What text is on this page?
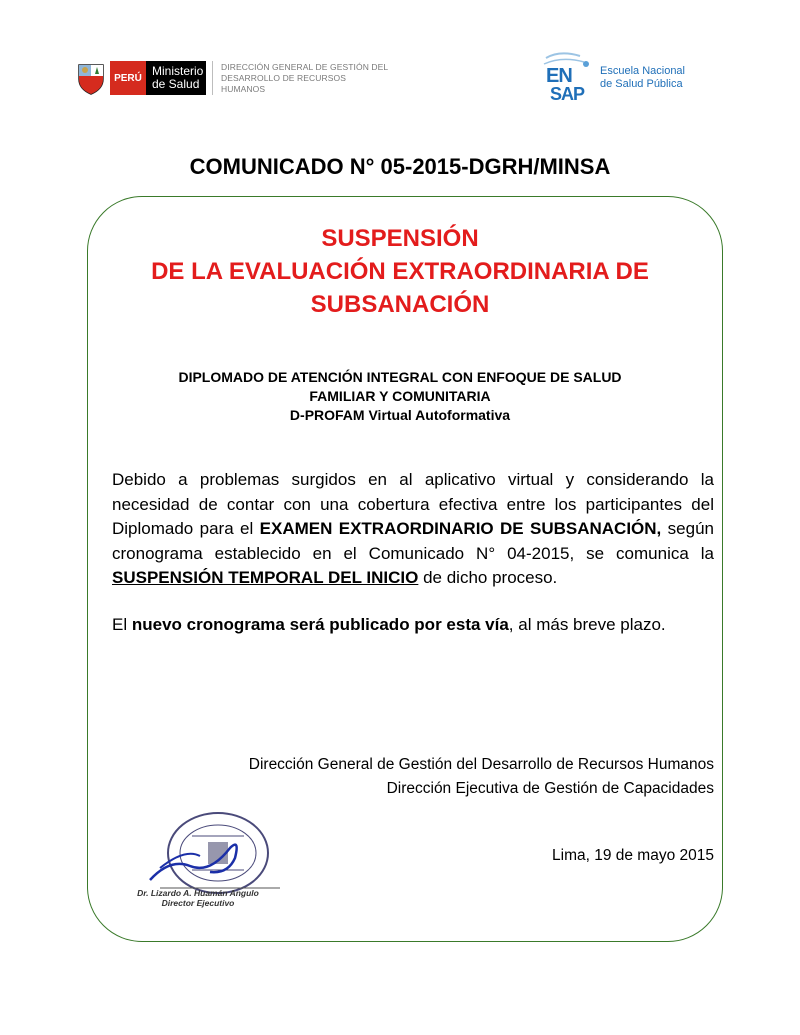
PERÚ Ministerio
de Salud
DIRECCIÓN GENERAL DE GESTIÓN DEL
DESARROLLO DE RECURSOS HUMANOS
EN
SAP
Escuela Nacional
de Salud Pública
COMUNICADO N° 05-2015-DGRH/MINSA
SUSPENSIÓN
DE LA EVALUACIÓN EXTRAORDINARIA DE
SUBSANACIÓN
DIPLOMADO DE ATENCIÓN INTEGRAL CON ENFOQUE DE SALUD
FAMILIAR Y COMUNITARIA
D-PROFAM Virtual Autoformativa

Debido a problemas surgidos en al aplicativo virtual y considerando la necesidad de contar con una cobertura efectiva entre los participantes del Diplomado para el EXAMEN EXTRAORDINARIO DE SUBSANACIÓN, según cronograma establecido en el Comunicado N° 04-2015, se comunica la SUSPENSIÓN TEMPORAL DEL INICIO de dicho proceso.

El nuevo cronograma será publicado por esta vía, al más breve plazo.

Dirección General de Gestión del Desarrollo de Recursos Humanos
Dirección Ejecutiva de Gestión de Capacidades
Lima, 19 de mayo 2015
Dr. Lizardo A. Huamán Angulo
Director Ejecutivo
